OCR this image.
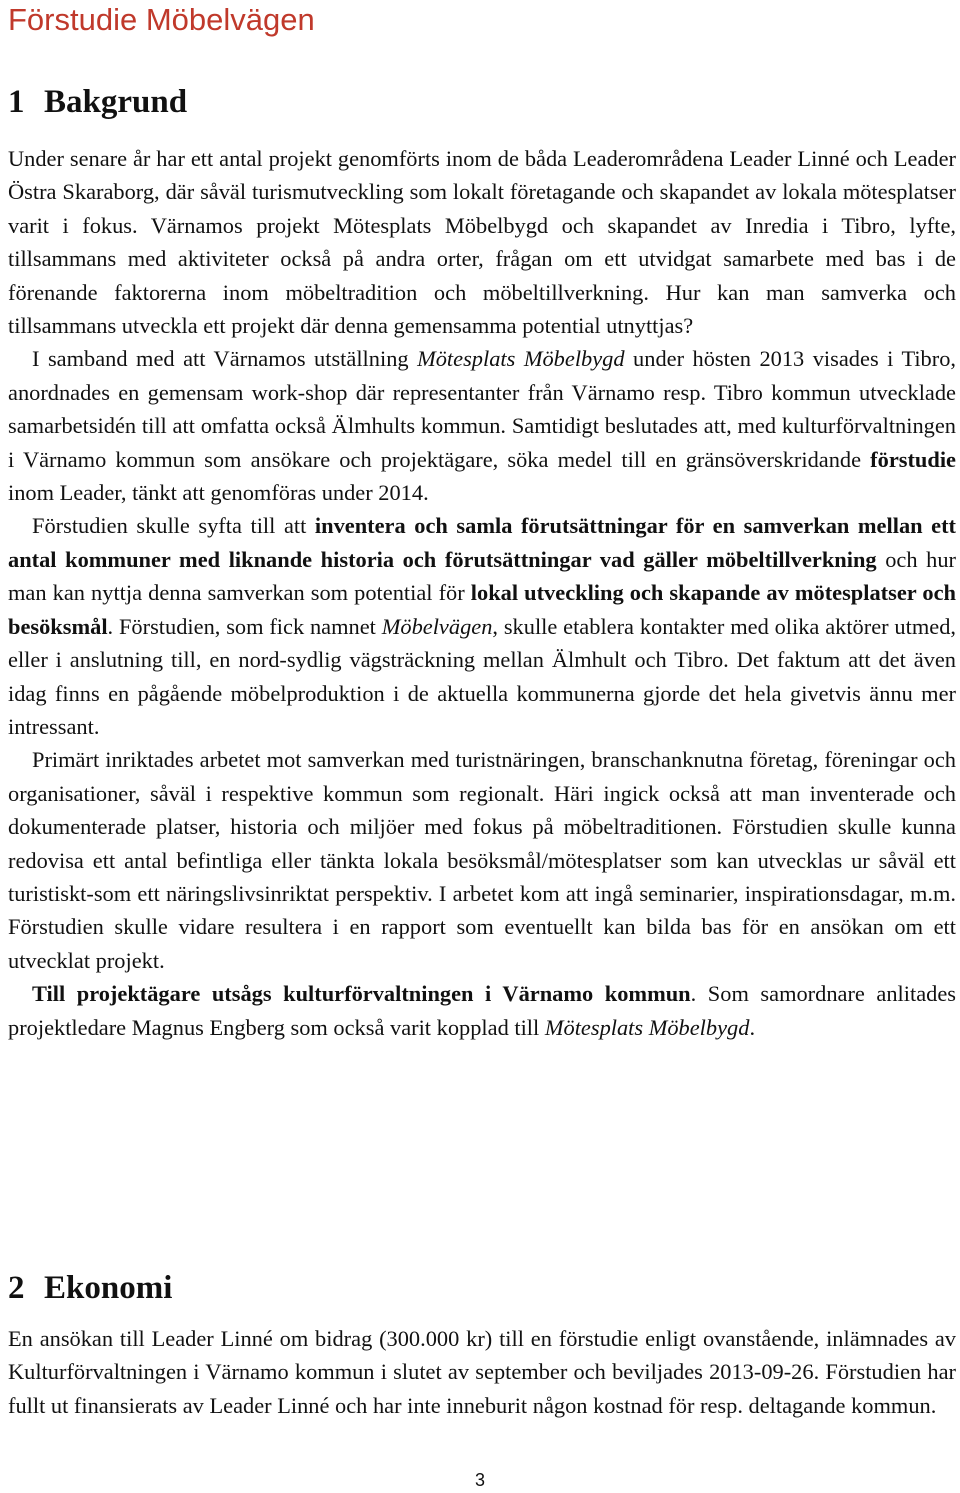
Förstudie Möbelvägen
1 Bakgrund

Under senare år har ett antal projekt genomförts inom de båda Leaderområdena Leader Linné och Leader Östra Skaraborg, där såväl turismutveckling som lokalt företagande och skapandet av lokala mötesplatser varit i fokus. Värnamos projekt Mötesplats Möbelbygd och skapandet av Inredia i Tibro, lyfte, tillsammans med aktiviteter också på andra orter, frågan om ett utvidgat samarbete med bas i de förenande faktorerna inom möbeltradition och möbeltillverkning. Hur kan man samverka och tillsammans utveckla ett projekt där denna gemensamma potential utnyttjas?

I samband med att Värnamos utställning Mötesplats Möbelbygd under hösten 2013 visades i Tibro, anordnades en gemensam work-shop där representanter från Värnamo resp. Tibro kommun utvecklade samarbetsidén till att omfatta också Älmhults kommun. Samtidigt beslutades att, med kulturförvaltningen i Värnamo kommun som ansökare och projektägare, söka medel till en gränsöverskridande förstudie inom Leader, tänkt att genomföras under 2014.

Förstudien skulle syfta till att inventera och samla förutsättningar för en samverkan mellan ett antal kommuner med liknande historia och förutsättningar vad gäller möbeltillverkning och hur man kan nyttja denna samverkan som potential för lokal utveckling och skapande av mötesplatser och besöksmål. Förstudien, som fick namnet Möbelvägen, skulle etablera kontakter med olika aktörer utmed, eller i anslutning till, en nord-sydlig vägsträckning mellan Älmhult och Tibro. Det faktum att det även idag finns en pågående möbelproduktion i de aktuella kommunerna gjorde det hela givetvis ännu mer intressant.

Primärt inriktades arbetet mot samverkan med turistnäringen, branschanknutna företag, föreningar och organisationer, såväl i respektive kommun som regionalt. Häri ingick också att man inventerade och dokumenterade platser, historia och miljöer med fokus på möbeltraditionen. Förstudien skulle kunna redovisa ett antal befintliga eller tänkta lokala besöksmål/mötesplatser som kan utvecklas ur såväl ett turistiskt-som ett näringslivsinriktat perspektiv. I arbetet kom att ingå seminarier, inspirationsdagar, m.m. Förstudien skulle vidare resultera i en rapport som eventuellt kan bilda bas för en ansökan om ett utvecklat projekt.

Till projektägare utsågs kulturförvaltningen i Värnamo kommun. Som samordnare anlitades projektledare Magnus Engberg som också varit kopplad till Mötesplats Möbelbygd.

2 Ekonomi

En ansökan till Leader Linné om bidrag (300.000 kr) till en förstudie enligt ovanstående, inlämnades av Kulturförvaltningen i Värnamo kommun i slutet av september och beviljades 2013-09-26. Förstudien har fullt ut finansierats av Leader Linné och har inte inneburit någon kostnad för resp. deltagande kommun.

3
